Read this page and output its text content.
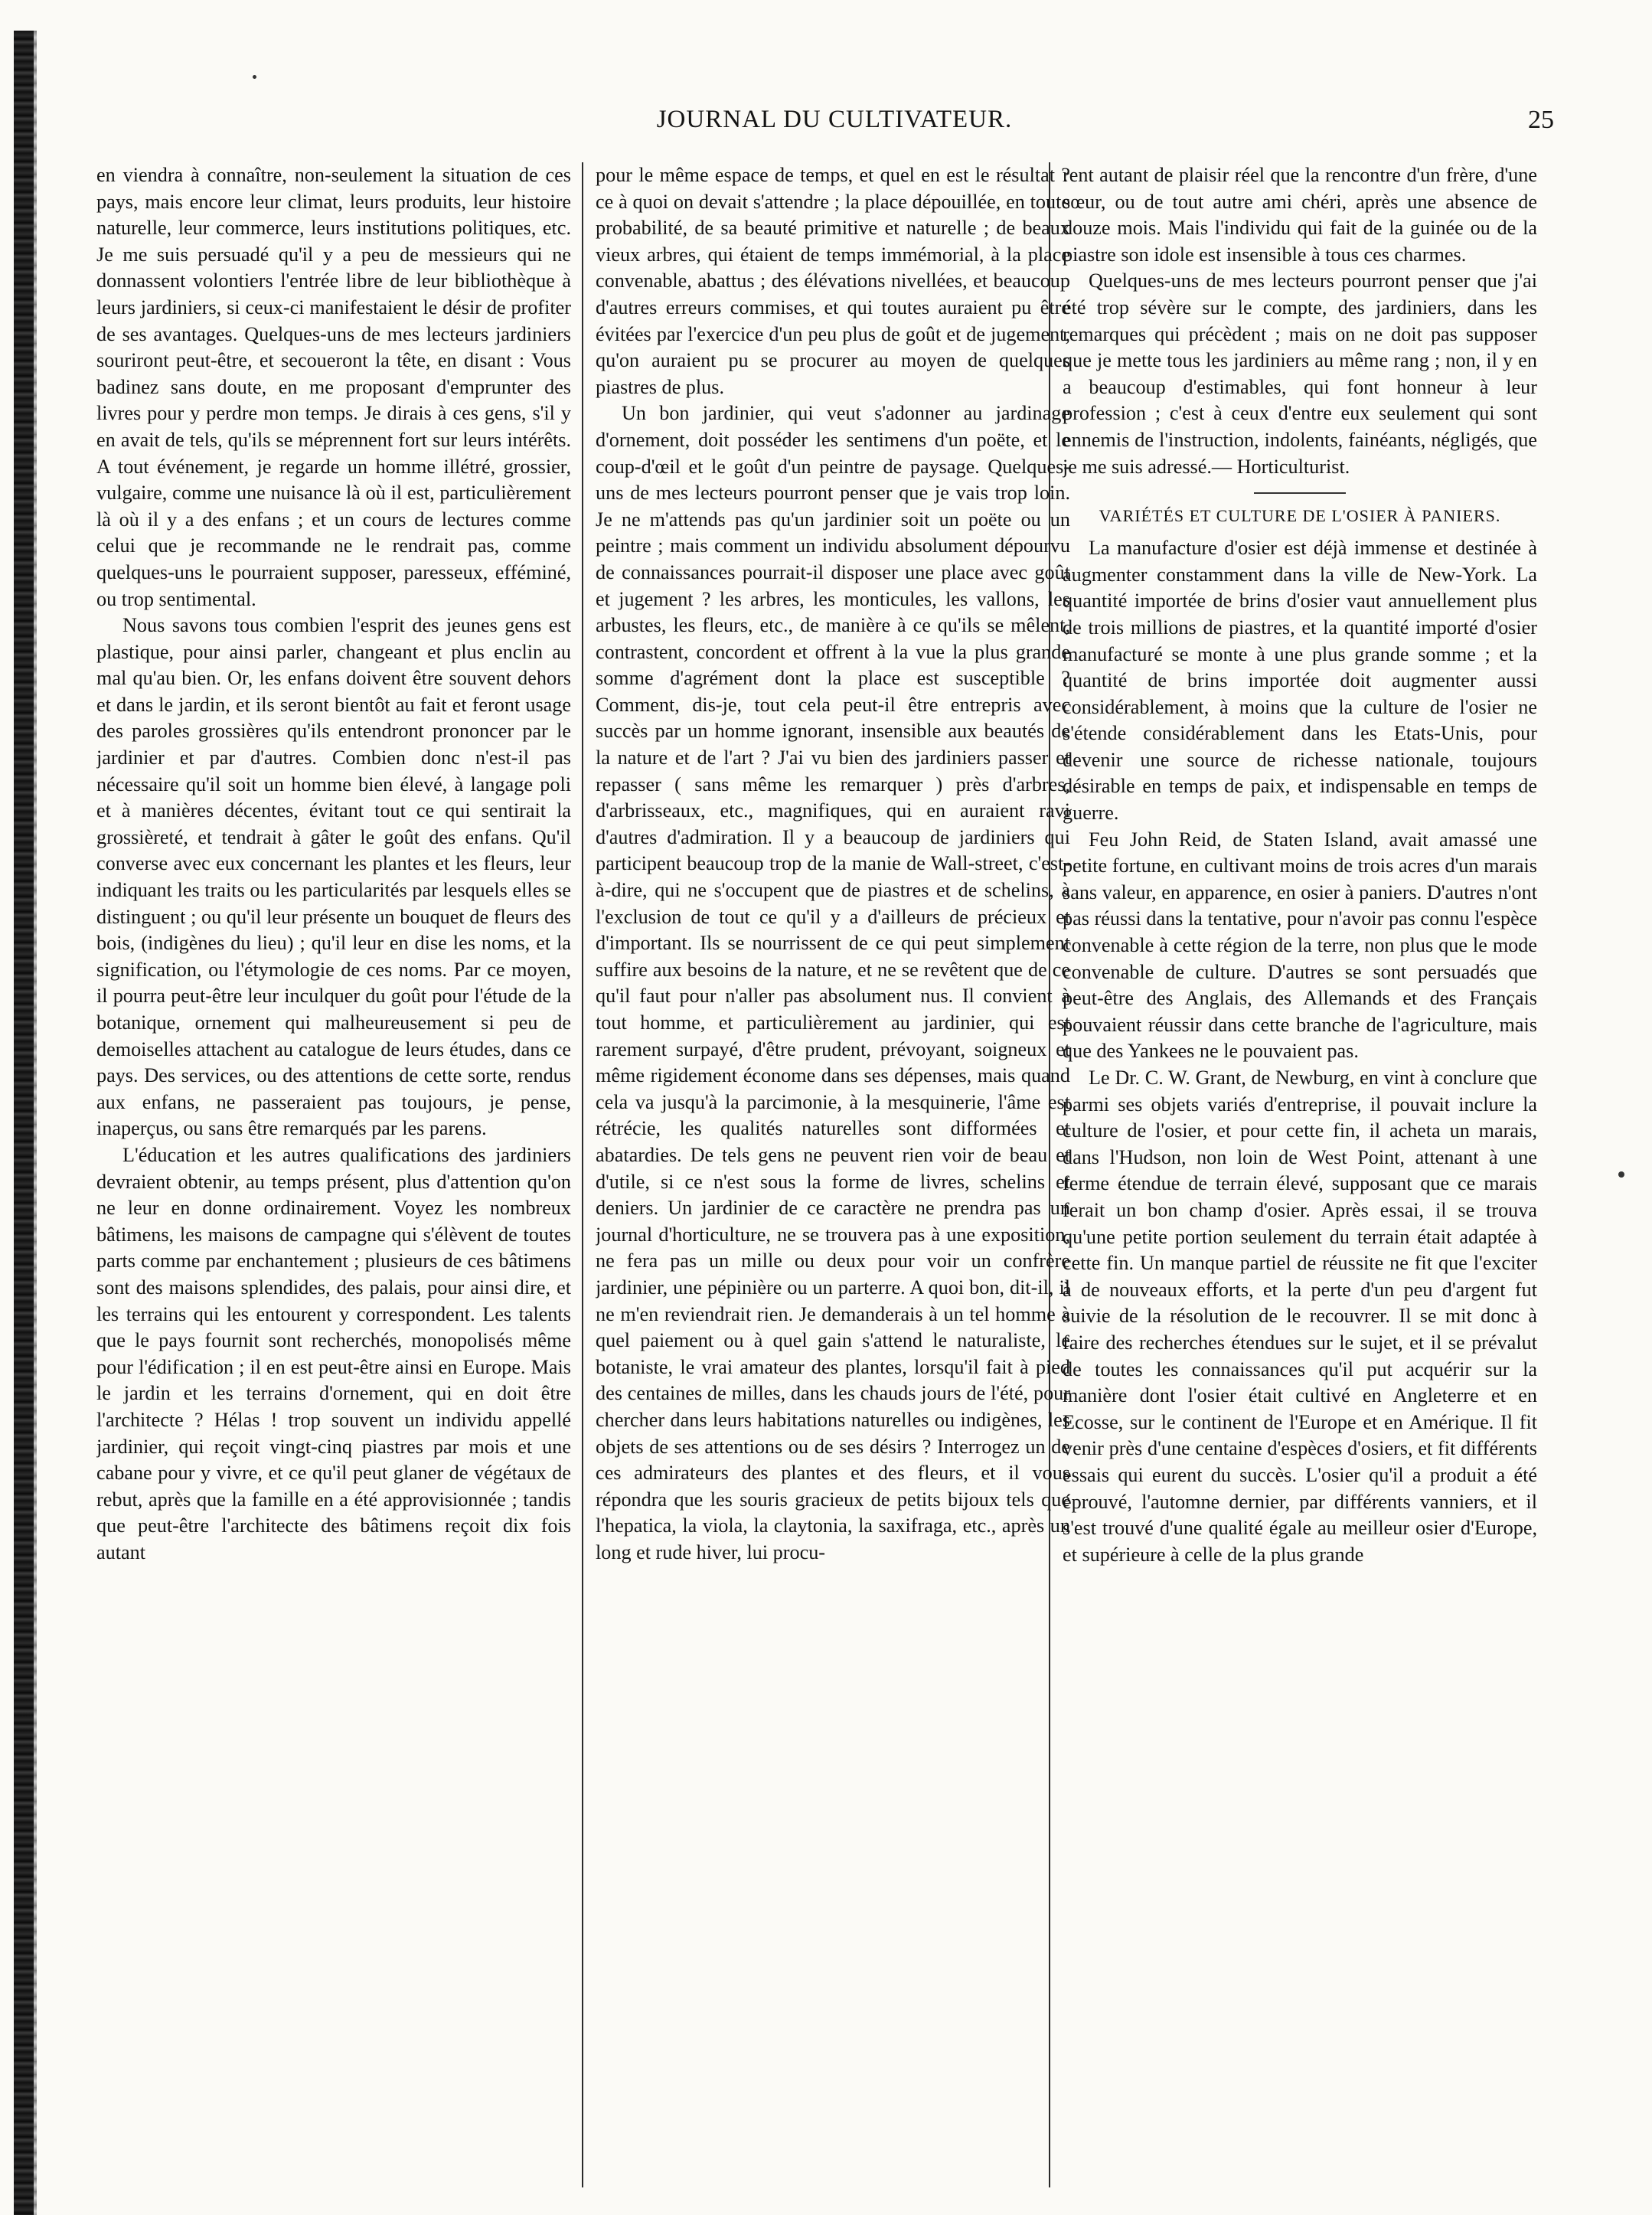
JOURNAL DU CULTIVATEUR.	25

en viendra à connaître, non-seulement la situation de ces pays, mais encore leur climat, leurs produits, leur histoire naturelle, leur commerce, leurs institutions politiques, etc. Je me suis persuadé qu'il y a peu de messieurs qui ne donnassent volontiers l'entrée libre de leur bibliothèque à leurs jardiniers, si ceux-ci manifestaient le désir de profiter de ses avantages. Quelques-uns de mes lecteurs jardiniers souriront peut-être, et secoueront la tête, en disant : Vous badinez sans doute, en me proposant d'emprunter des livres pour y perdre mon temps. Je dirais à ces gens, s'il y en avait de tels, qu'ils se méprennent fort sur leurs intérêts. A tout événement, je regarde un homme illétré, grossier, vulgaire, comme une nuisance là où il est, particulièrement là où il y a des enfans ; et un cours de lectures comme celui que je recommande ne le rendrait pas, comme quelques-uns le pourraient supposer, paresseux, efféminé, ou trop sentimental.

Nous savons tous combien l'esprit des jeunes gens est plastique, pour ainsi parler, changeant et plus enclin au mal qu'au bien. Or, les enfans doivent être souvent dehors et dans le jardin, et ils seront bientôt au fait et feront usage des paroles grossières qu'ils entendront prononcer par le jardinier et par d'autres. Combien donc n'est-il pas nécessaire qu'il soit un homme bien élevé, à langage poli et à manières décentes, évitant tout ce qui sentirait la grossièreté, et tendrait à gâter le goût des enfans. Qu'il converse avec eux concernant les plantes et les fleurs, leur indiquant les traits ou les particularités par lesquels elles se distinguent ; ou qu'il leur présente un bouquet de fleurs des bois, (indigènes du lieu) ; qu'il leur en dise les noms, et la signification, ou l'étymologie de ces noms. Par ce moyen, il pourra peut-être leur inculquer du goût pour l'étude de la botanique, ornement qui malheureusement si peu de demoiselles attachent au catalogue de leurs études, dans ce pays. Des services, ou des attentions de cette sorte, rendus aux enfans, ne passeraient pas toujours, je pense, inaperçus, ou sans être remarqués par les parens.

L'éducation et les autres qualifications des jardiniers devraient obtenir, au temps présent, plus d'attention qu'on ne leur en donne ordinairement. Voyez les nombreux bâtimens, les maisons de campagne qui s'élèvent de toutes parts comme par enchantement ; plusieurs de ces bâtimens sont des maisons splendides, des palais, pour ainsi dire, et les terrains qui les entourent y correspondent. Les talents que le pays fournit sont recherchés, monopolisés même pour l'édification ; il en est peut-être ainsi en Europe. Mais le jardin et les terrains d'ornement, qui en doit être l'architecte ? Hélas ! trop souvent un individu appellé jardinier, qui reçoit vingt-cinq piastres par mois et une cabane pour y vivre, et ce qu'il peut glaner de végétaux de rebut, après que la famille en a été approvisionnée ; tandis que peut-être l'architecte des bâtimens reçoit dix fois autant

pour le même espace de temps, et quel en est le résultat ? ce à quoi on devait s'attendre ; la place dépouillée, en toute probabilité, de sa beauté primitive et naturelle ; de beaux vieux arbres, qui étaient de temps immémorial, à la place convenable, abattus ; des élévations nivellées, et beaucoup d'autres erreurs commises, et qui toutes auraient pu être évitées par l'exercice d'un peu plus de goût et de jugement, qu'on auraient pu se procurer au moyen de quelques piastres de plus.

Un bon jardinier, qui veut s'adonner au jardinage d'ornement, doit posséder les sentimens d'un poëte, et le coup-d'œil et le goût d'un peintre de paysage. Quelques-uns de mes lecteurs pourront penser que je vais trop loin. Je ne m'attends pas qu'un jardinier soit un poëte ou un peintre ; mais comment un individu absolument dépourvu de connaissances pourrait-il disposer une place avec goût et jugement ? les arbres, les monticules, les vallons, les arbustes, les fleurs, etc., de manière à ce qu'ils se mêlent, contrastent, concordent et offrent à la vue la plus grande somme d'agrément dont la place est susceptible ? Comment, dis-je, tout cela peut-il être entrepris avec succès par un homme ignorant, insensible aux beautés de la nature et de l'art ? J'ai vu bien des jardiniers passer et repasser ( sans même les remarquer ) près d'arbres, d'arbrisseaux, etc., magnifiques, qui en auraient ravi d'autres d'admiration. Il y a beaucoup de jardiniers qui participent beaucoup trop de la manie de Wall-street, c'est-à-dire, qui ne s'occupent que de piastres et de schelins, à l'exclusion de tout ce qu'il y a d'ailleurs de précieux et d'important. Ils se nourrissent de ce qui peut simplement suffire aux besoins de la nature, et ne se revêtent que de ce qu'il faut pour n'aller pas absolument nus. Il convient à tout homme, et particulièrement au jardinier, qui est rarement surpayé, d'être prudent, prévoyant, soigneux et même rigidement économe dans ses dépenses, mais quand cela va jusqu'à la parcimonie, à la mesquinerie, l'âme est rétrécie, les qualités naturelles sont difformées et abatardies. De tels gens ne peuvent rien voir de beau et d'utile, si ce n'est sous la forme de livres, schelins et deniers. Un jardinier de ce caractère ne prendra pas un journal d'horticulture, ne se trouvera pas à une exposition, ne fera pas un mille ou deux pour voir un confrère jardinier, une pépinière ou un parterre. A quoi bon, dit-il, il ne m'en reviendrait rien. Je demanderais à un tel homme à quel paiement ou à quel gain s'attend le naturaliste, le botaniste, le vrai amateur des plantes, lorsqu'il fait à pied des centaines de milles, dans les chauds jours de l'été, pour chercher dans leurs habitations naturelles ou indigènes, les objets de ses attentions ou de ses désirs ? Interrogez un de ces admirateurs des plantes et des fleurs, et il vous répondra que les souris gracieux de petits bijoux tels que l'hepatica, la viola, la claytonia, la saxifraga, etc., après un long et rude hiver, lui procu-

rent autant de plaisir réel que la rencontre d'un frère, d'une sœur, ou de tout autre ami chéri, après une absence de douze mois. Mais l'individu qui fait de la guinée ou de la piastre son idole est insensible à tous ces charmes.

Quelques-uns de mes lecteurs pourront penser que j'ai été trop sévère sur le compte, des jardiniers, dans les remarques qui précèdent ; mais on ne doit pas supposer que je mette tous les jardiniers au même rang ; non, il y en a beaucoup d'estimables, qui font honneur à leur profession ; c'est à ceux d'entre eux seulement qui sont ennemis de l'instruction, indolents, fainéants, négligés, que je me suis adressé.— Horticulturist.

VARIÉTÉS ET CULTURE DE L'OSIER À PANIERS.

La manufacture d'osier est déjà immense et destinée à augmenter constamment dans la ville de New-York. La quantité importée de brins d'osier vaut annuellement plus de trois millions de piastres, et la quantité importé d'osier manufacturé se monte à une plus grande somme ; et la quantité de brins importée doit augmenter aussi considérablement, à moins que la culture de l'osier ne s'étende considérablement dans les Etats-Unis, pour devenir une source de richesse nationale, toujours désirable en temps de paix, et indispensable en temps de guerre.

Feu John Reid, de Staten Island, avait amassé une petite fortune, en cultivant moins de trois acres d'un marais sans valeur, en apparence, en osier à paniers. D'autres n'ont pas réussi dans la tentative, pour n'avoir pas connu l'espèce convenable à cette région de la terre, non plus que le mode convenable de culture. D'autres se sont persuadés que peut-être des Anglais, des Allemands et des Français pouvaient réussir dans cette branche de l'agriculture, mais que des Yankees ne le pouvaient pas.

Le Dr. C. W. Grant, de Newburg, en vint à conclure que parmi ses objets variés d'entreprise, il pouvait inclure la culture de l'osier, et pour cette fin, il acheta un marais, dans l'Hudson, non loin de West Point, attenant à une ferme étendue de terrain élevé, supposant que ce marais ferait un bon champ d'osier. Après essai, il se trouva qu'une petite portion seulement du terrain était adaptée à cette fin. Un manque partiel de réussite ne fit que l'exciter à de nouveaux efforts, et la perte d'un peu d'argent fut suivie de la résolution de le recouvrer. Il se mit donc à faire des recherches étendues sur le sujet, et il se prévalut de toutes les connaissances qu'il put acquérir sur la manière dont l'osier était cultivé en Angleterre et en Ecosse, sur le continent de l'Europe et en Amérique. Il fit venir près d'une centaine d'espèces d'osiers, et fit différents essais qui eurent du succès. L'osier qu'il a produit a été éprouvé, l'automne dernier, par différents vanniers, et il s'est trouvé d'une qualité égale au meilleur osier d'Europe, et supérieure à celle de la plus grande
